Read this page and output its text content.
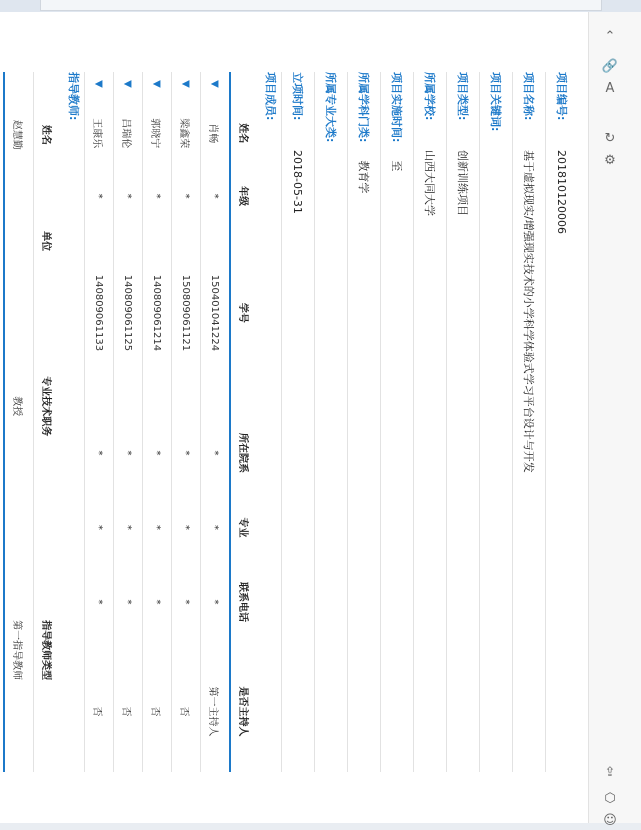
⌃
🔗
A
↻
⚙
⇪
⬡
☺
项目编号:
201810120006
项目名称:
基于虚拟现实/增强现实技术的小学科学体验式学习平台设计与开发
项目关键词:
项目类型:
创新训练项目
所属学校:
山西大同大学
项目实施时间:
至
所属学科门类:
教育学
所属专业大类:
立项时间:
2018-05-31
项目成员:
	姓名	年级	学号	所在院系	专业	联系电话	是否主持人
▼	肖畅	*	150401041224	*	*	*	第一主持人
▼	梁鑫荣	*	150809061121	*	*	*	否
▼	郭晓宁	*	140809061214	*	*	*	否
▼	吕瑞伦	*	140809061125	*	*	*	否
▼	王康乐	*	140809061133	*	*	*	否
指导教师:
姓名	单位	专业技术职务	指导教师类型
赵慧勤		教授	第一指导教师
